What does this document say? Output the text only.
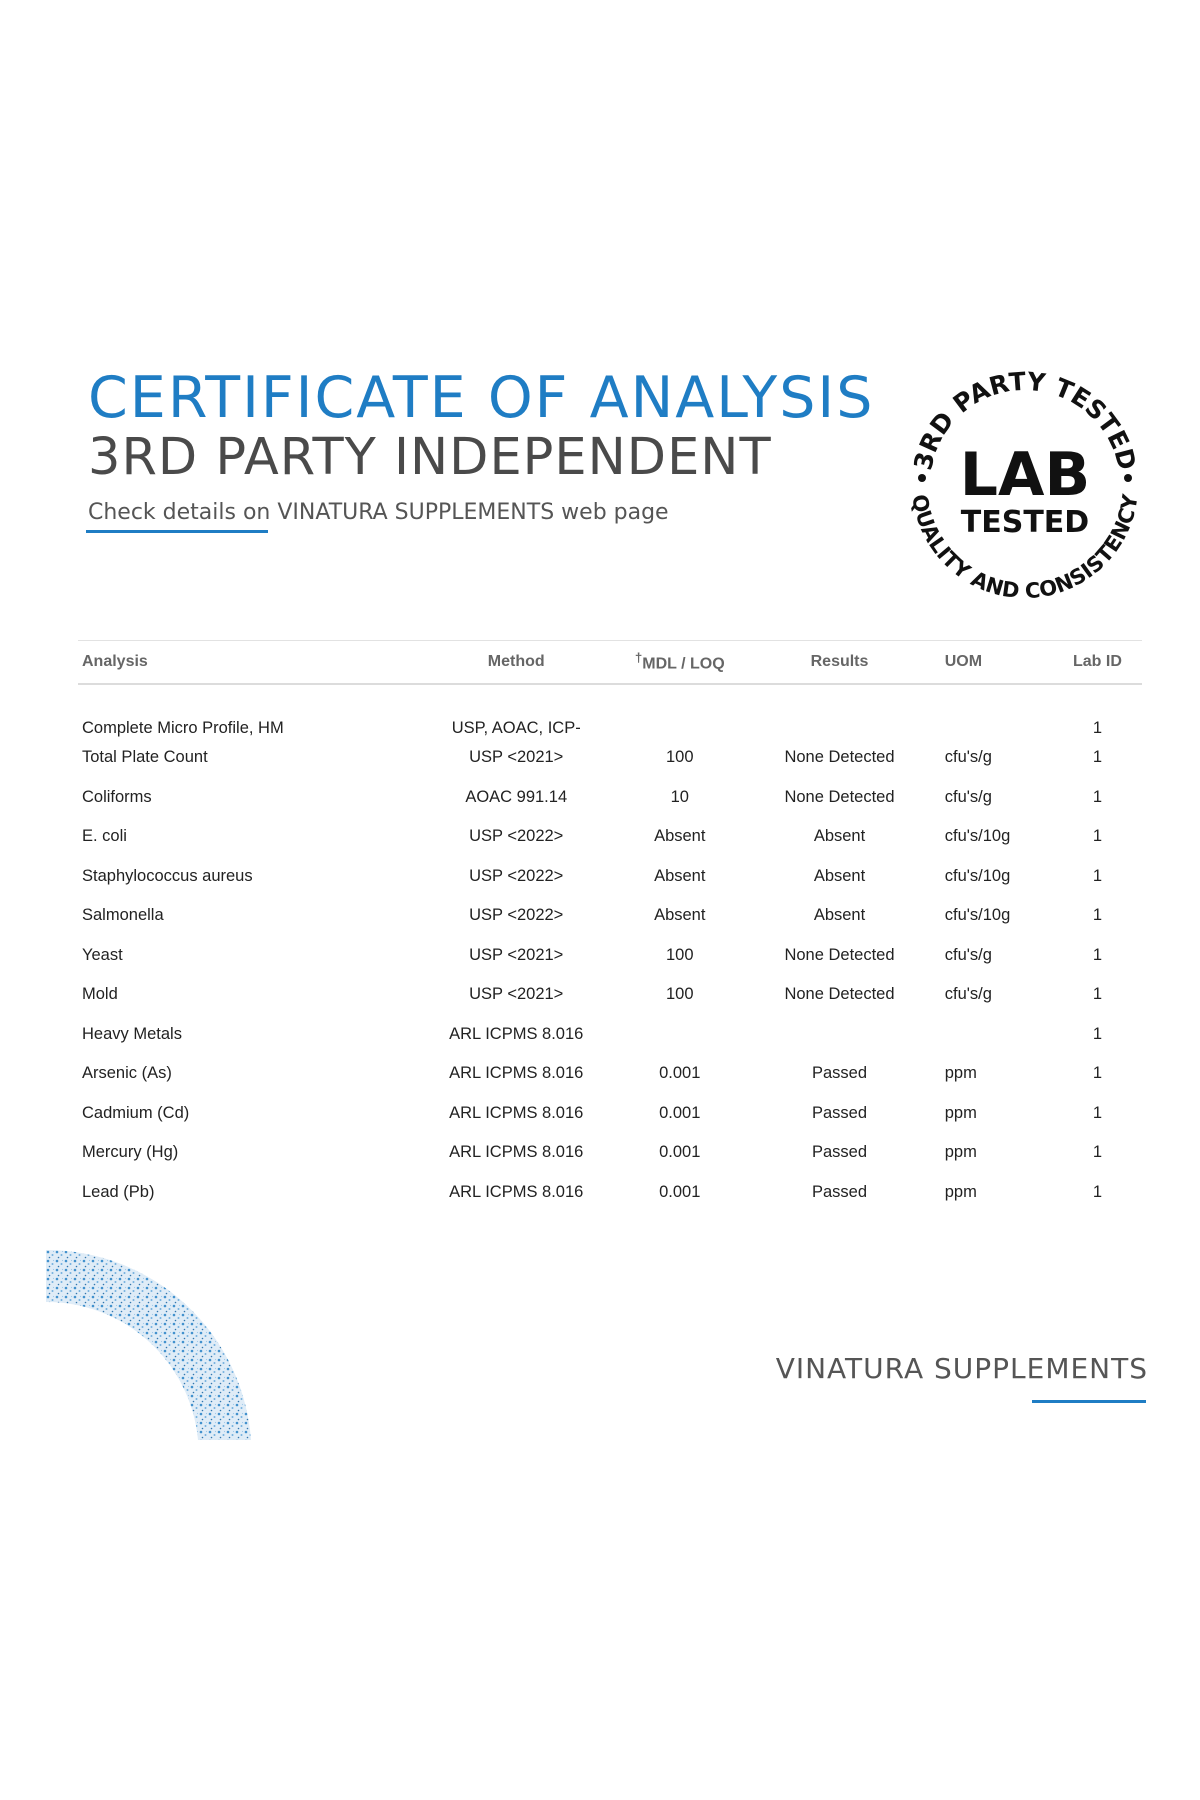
CERTIFICATE OF ANALYSIS
3RD PARTY INDEPENDENT

Check details on VINATURA SUPPLEMENTS web page

3RD PARTY TESTED
QUALITY AND CONSISTENCY
LAB
TESTED
Analysis	Method	†MDL / LOQ	Results	UOM	Lab ID
Complete Micro Profile, HM	USP, AOAC, ICP-				1
Total Plate Count	USP <2021>	100	None Detected	cfu's/g	1
Coliforms	AOAC 991.14	10	None Detected	cfu's/g	1
E. coli	USP <2022>	Absent	Absent	cfu's/10g	1
Staphylococcus aureus	USP <2022>	Absent	Absent	cfu's/10g	1
Salmonella	USP <2022>	Absent	Absent	cfu's/10g	1
Yeast	USP <2021>	100	None Detected	cfu's/g	1
Mold	USP <2021>	100	None Detected	cfu's/g	1
Heavy Metals	ARL ICPMS 8.016				1
Arsenic (As)	ARL ICPMS 8.016	0.001	Passed	ppm	1
Cadmium (Cd)	ARL ICPMS 8.016	0.001	Passed	ppm	1
Mercury (Hg)	ARL ICPMS 8.016	0.001	Passed	ppm	1
Lead (Pb)	ARL ICPMS 8.016	0.001	Passed	ppm	1

VINATURA SUPPLEMENTS
